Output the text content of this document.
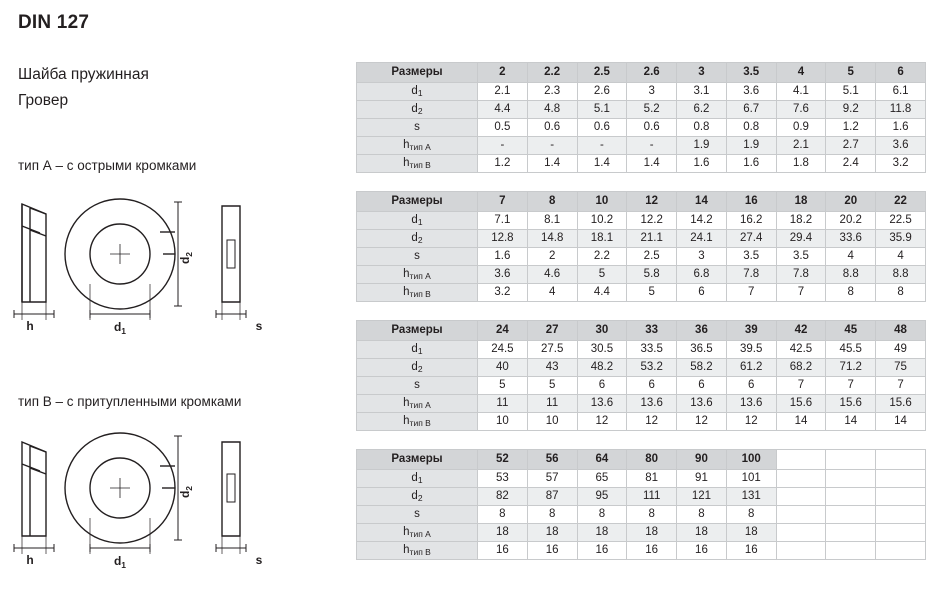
DIN 127
Шайба пружинная
Гровер
тип А – с острыми кромками
h	$d_1$	s
$d_2$
тип В – с притупленными кромками
h	$d_1$	s
$d_2$
Размеры	2	2.2	2.5	2.6	3	3.5	4	5	6
d1	2.1	2.3	2.6	3	3.1	3.6	4.1	5.1	6.1
d2	4.4	4.8	5.1	5.2	6.2	6.7	7.6	9.2	11.8
s	0.5	0.6	0.6	0.6	0.8	0.8	0.9	1.2	1.6
hтип А	-	-	-	-	1.9	1.9	2.1	2.7	3.6
hтип В	1.2	1.4	1.4	1.4	1.6	1.6	1.8	2.4	3.2
Размеры	7	8	10	12	14	16	18	20	22
d1	7.1	8.1	10.2	12.2	14.2	16.2	18.2	20.2	22.5
d2	12.8	14.8	18.1	21.1	24.1	27.4	29.4	33.6	35.9
s	1.6	2	2.2	2.5	3	3.5	3.5	4	4
hтип А	3.6	4.6	5	5.8	6.8	7.8	7.8	8.8	8.8
hтип В	3.2	4	4.4	5	6	7	7	8	8
Размеры	24	27	30	33	36	39	42	45	48
d1	24.5	27.5	30.5	33.5	36.5	39.5	42.5	45.5	49
d2	40	43	48.2	53.2	58.2	61.2	68.2	71.2	75
s	5	5	6	6	6	6	7	7	7
hтип А	11	11	13.6	13.6	13.6	13.6	15.6	15.6	15.6
hтип В	10	10	12	12	12	12	14	14	14
Размеры	52	56	64	80	90	100			
d1	53	57	65	81	91	101			
d2	82	87	95	111	121	131			
s	8	8	8	8	8	8			
hтип А	18	18	18	18	18	18			
hтип В	16	16	16	16	16	16			
